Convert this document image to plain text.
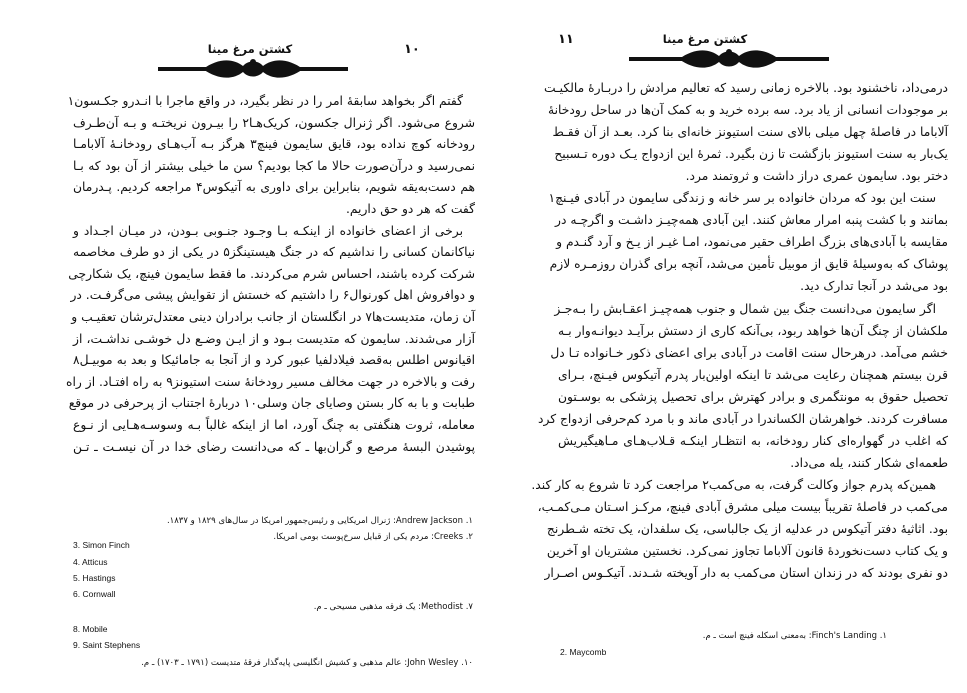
۱۰
کشتن مرغ مینا
گفتم اگر بخواهد سابقهٔ امر را در نظر بگیرد، در واقع ماجرا با انـدرو جکـسون۱
شروع می‌شود. اگر ژنرال جکسون، کریک‌هـا۲ را بیـرون نریختـه و بـه آن‌طـرف
رودخانه کوچ نداده بود، قایق سایمون فینچ۳ هرگز بـه آب‌هـای رودخانـهٔ آلابامـا
نمی‌رسید و درآن‌صورت حالا ما کجا بودیم؟ سن ما خیلی بیشتر از آن بود که بـا
هم دست‌به‌یقه شویم، بنابراین برای داوری به آتیکوس۴ مراجعه کردیم. پـدرمان
گفت که هر دو حق داریم.
برخی از اعضای خانواده از اینکـه بـا وجـود جنـوبی بـودن، در میـان اجـداد و
نیاکانمان کسانی را نداشیم که در جنگ هیستینگز۵ در یکی از دو طرف مخاصمه
شرکت کرده باشند، احساس شرم می‌کردند. ما فقط سایمون فینچ، یک شکارچی
و دوافروش اهل کورنوال۶ را داشتیم که خستش از تقوایش پیشی می‌گرفـت. در
آن زمان، متدیست‌ها۷ در انگلستان از جانب برادران دینی معتدل‌ترشان تعقیـب و
آزار می‌شدند. سایمون که متدیست بـود و از ایـن وضـع دل خوشـی نداشـت، از
اقیانوس اطلس به‌قصد فیلادلفیا عبور کرد و از آنجا به جامائیکا و بعد به موبیـل۸
رفت و بالاخره در جهت مخالف مسیر رودخانهٔ سنت استیونز۹ به راه افتـاد. از راه
طبابت و با به کار بستن وصایای جان وسلی۱۰ دربارهٔ اجتناب از پرحرفی در موقع
معامله، ثروت هنگفتی به چنگ آورد، اما از اینکه غالباً بـه وسوسـه‌هـایی از نـوع
پوشیدن البسهٔ مرصع و گران‌بها ـ که می‌دانست رضای خدا در آن نیسـت ـ تـن
۱. Andrew Jackson: ژنرال امریکایی و رئیس‌جمهور امریکا در سال‌های ۱۸۲۹ و ۱۸۳۷.
۲. Creeks: مردم یکی از قبایل سرخ‌پوست بومی امریکا.
3. Simon Finch
4. Atticus
5. Hastings
6. Cornwall
۷. Methodist: یک فرقه مذهبی مسیحی ـ م.
8. Mobile
9. Saint Stephens
۱۰. John Wesley: عالم مذهبی و کشیش انگلیسی پایه‌گذار فرقهٔ متدیست (۱۷۹۱ ـ ۱۷۰۳) ـ م.
۱۱	کشتن مرغ مینا
درمی‌داد، ناخشنود بود. بالاخره زمانی رسید که تعالیم مرادش را دربـارهٔ مالکیـت
بر موجودات انسانی از یاد برد. سه برده خرید و به کمک آن‌ها در ساحل رودخانهٔ
آلاباما در فاصلهٔ چهل میلی بالای سنت استیونز خانه‌ای بنا کرد. بعـد از آن فقـط
یک‌بار به سنت استیونز بازگشت تا زن بگیرد. ثمرهٔ این ازدواج یـک دوره تـسبیح
دختر بود. سایمون عمری دراز داشت و ثروتمند مرد.
سنت این بود که مردان خانواده بر سر خانه و زندگی سایمون در آبادی فیـنچ۱
بمانند و با کشت پنبه امرار معاش کنند. این آبادی همه‌چیـز داشـت و اگرچـه در
مقایسه با آبادی‌های بزرگ اطراف حقیر می‌نمود، امـا غیـر از یـخ و آرد گنـدم و
پوشاک که به‌وسیلهٔ قایق از موبیل تأمین می‌شد، آنچه برای گذران روزمـره لازم
بود می‌شد در آنجا تدارک دید.
اگر سایمون می‌دانست جنگ بین شمال و جنوب همه‌چیـز اعقـابش را بـه‌جـز
ملکشان از چنگ آن‌ها خواهد ربود، بی‌آنکه کاری از دستش برآیـد دیوانـه‌وار بـه
خشم می‌آمد. درهرحال سنت اقامت در آبادی برای اعضای ذکور خـانواده تـا دل
قرن بیستم همچنان رعایت می‌شد تا اینکه اولین‌بار پدرم آتیکوس فیـنچ، بـرای
تحصیل حقوق به مونتگمری و برادر کهترش برای تحصیل پزشکی به بوسـتون
مسافرت کردند. خواهرشان الکساندرا در آبادی ماند و با مرد کم‌حرفی ازدواج کرد
که اغلب در گهواره‌ای کنار رودخانه، به انتظـار اینکـه قـلاب‌هـای مـاهیگیریش
طعمه‌ای شکار کنند، یله می‌داد.
همین‌که پدرم جواز وکالت گرفت، به می‌کمب۲ مراجعت کرد تا شروع به کار کند.
می‌کمب در فاصلهٔ تقریباً بیست میلی مشرق آبادی فینچ، مرکـز اسـتان مـی‌کمـب،
بود. اثاثیهٔ دفتر آتیکوس در عدلیه از یک جالباسی، یک سلفدان، یک تخته شـطرنج
و یک کتاب دست‌نخوردهٔ قانون آلاباما تجاوز نمی‌کرد. نخستین مشتریان او آخرین
دو نفری بودند که در زندان استان می‌کمب به دار آویخته شـدند. آتیکـوس اصـرار
۱. Finch's Landing: به‌معنی اسکله فینچ است ـ م.
2. Maycomb
